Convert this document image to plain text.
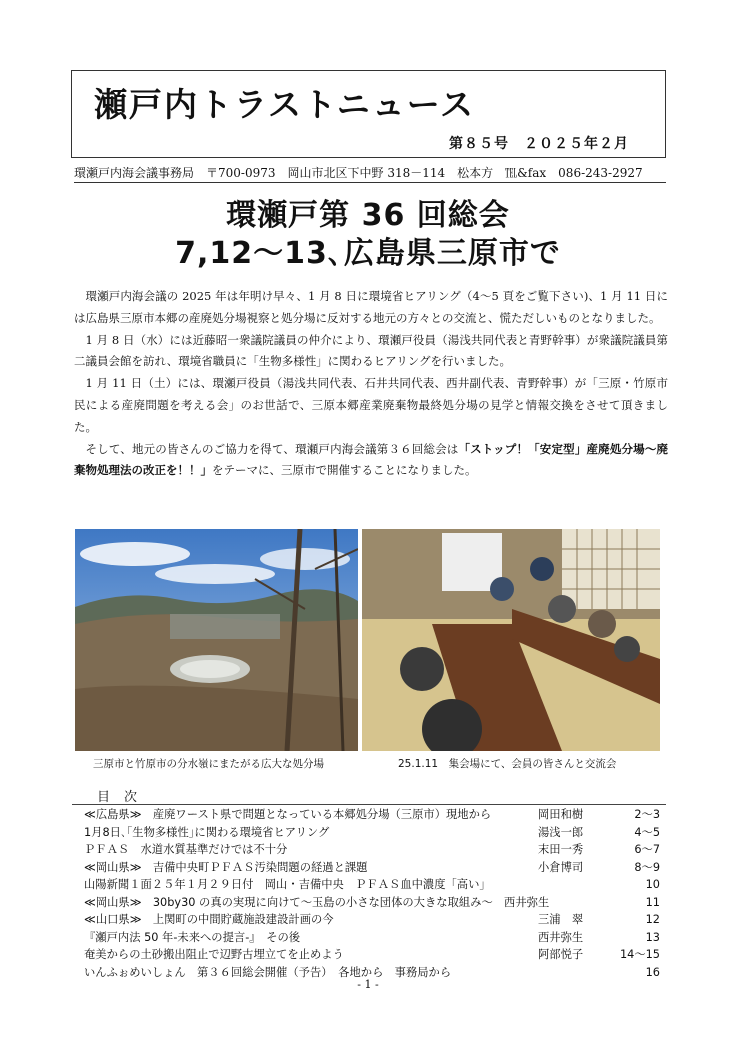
瀬戸内トラストニュース
第８５号　２０２５年２月
環瀬戸内海会議事務局　〒700-0973　岡山市北区下中野 318－114　松本方　℡&fax　086-243-2927
環瀬戸第 36 回総会
7,12～13､広島県三原市で

環瀬戸内海会議の 2025 年は年明け早々、1 月 8 日に環境省ヒアリング（4～5 頁をご覧下さい)、1 月 11 日には広島県三原市本郷の産廃処分場視察と処分場に反対する地元の方々との交流と、慌ただしいものとなりました。

1 月 8 日（水）には近藤昭一衆議院議員の仲介により、環瀬戸役員（湯浅共同代表と青野幹事）が衆議院議員第二議員会館を訪れ、環境省職員に「生物多様性」に関わるヒアリングを行いました。

1 月 11 日（土）には、環瀬戸役員（湯浅共同代表、石井共同代表、西井副代表、青野幹事）が「三原・竹原市民による産廃問題を考える会」のお世話で、三原本郷産業廃棄物最終処分場の見学と情報交換をさせて頂きました。

そして、地元の皆さんのご協力を得て、環瀬戸内海会議第３６回総会は「ストップ！「安定型」産廃処分場～廃棄物処理法の改正を！！」をテーマに、三原市で開催することになりました。

三原市と竹原市の分水嶺にまたがる広大な処分場	25.1.11　集会場にて、会員の皆さんと交流会
目次
≪広島県≫　産廃ワースト県で問題となっている本郷処分場（三原市）現地から	岡田和樹	2～3
1月8日､｢生物多様性｣に関わる環境省ヒアリング	湯浅一郎	4～5
ＰＦＡＳ　水道水質基準だけでは不十分	末田一秀	6～7
≪岡山県≫　吉備中央町ＰＦＡＳ汚染問題の経過と課題	小倉博司	8～9
山陽新聞１面２５年１月２９日付　岡山・吉備中央　ＰＦＡＳ血中濃度「高い」	10
≪岡山県≫　30by30 の真の実現に向けて～玉島の小さな団体の大きな取組み～　西井弥生	11
≪山口県≫　上関町の中間貯蔵施設建設計画の今	三浦　翠	12
『瀬戸内法 50 年-未来への提言-』　その後	西井弥生	13
奄美からの土砂搬出阻止で辺野古埋立てを止めよう	阿部悦子	14～15
いんふぉめいしょん　第３６回総会開催（予告）　各地から　事務局から	16
- 1 -
